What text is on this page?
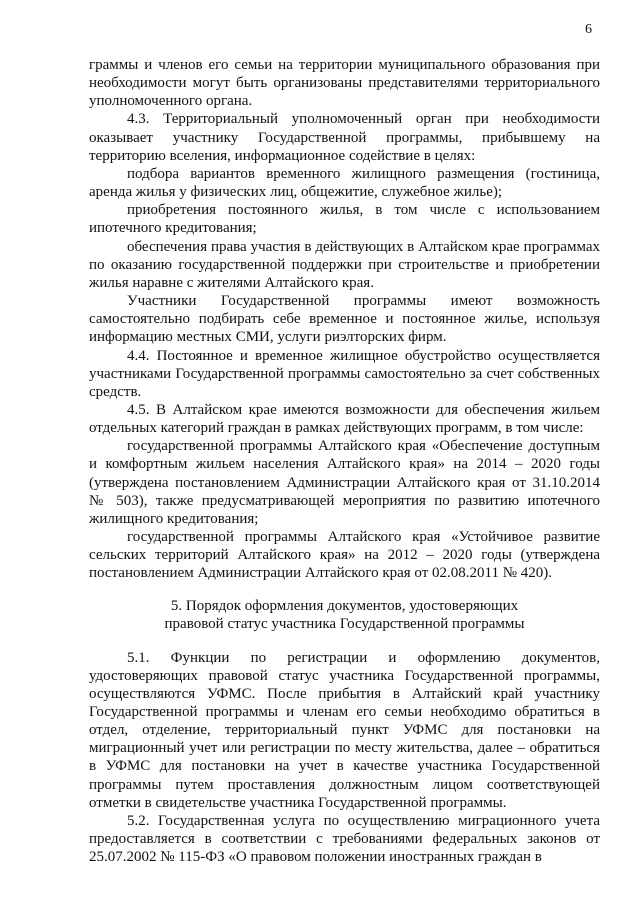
6

граммы и членов его семьи на территории муниципального образования при необходимости могут быть организованы представителями территориального уполномоченного органа.

4.3. Территориальный уполномоченный орган при необходимости оказывает участнику Государственной программы, прибывшему на территорию вселения, информационное содействие в целях:

подбора вариантов временного жилищного размещения (гостиница, аренда жилья у физических лиц, общежитие, служебное жилье);

приобретения постоянного жилья, в том числе с использованием ипотечного кредитования;

обеспечения права участия в действующих в Алтайском крае программах по оказанию государственной поддержки при строительстве и приобретении жилья наравне с жителями Алтайского края.

Участники Государственной программы имеют возможность самостоятельно подбирать себе временное и постоянное жилье, используя информацию местных СМИ, услуги риэлторских фирм.

4.4. Постоянное и временное жилищное обустройство осуществляется участниками Государственной программы самостоятельно за счет собственных средств.

4.5. В Алтайском крае имеются возможности для обеспечения жильем отдельных категорий граждан в рамках действующих программ, в том числе:

государственной программы Алтайского края «Обеспечение доступным и комфортным жильем населения Алтайского края» на 2014 – 2020 годы (утверждена постановлением Администрации Алтайского края от 31.10.2014 № 503), также предусматривающей мероприятия по развитию ипотечного жилищного кредитования;

государственной программы Алтайского края «Устойчивое развитие сельских территорий Алтайского края» на 2012 – 2020 годы (утверждена постановлением Администрации Алтайского края от 02.08.2011 № 420).

5. Порядок оформления документов, удостоверяющих
правовой статус участника Государственной программы

5.1. Функции по регистрации и оформлению документов, удостоверяющих правовой статус участника Государственной программы, осуществляются УФМС. После прибытия в Алтайский край участнику Государственной программы и членам его семьи необходимо обратиться в отдел, отделение, территориальный пункт УФМС для постановки на миграционный учет или регистрации по месту жительства, далее – обратиться в УФМС для постановки на учет в качестве участника Государственной программы путем проставления должностным лицом соответствующей отметки в свидетельстве участника Государственной программы.

5.2. Государственная услуга по осуществлению миграционного учета предоставляется в соответствии с требованиями федеральных законов от 25.07.2002 № 115-ФЗ «О правовом положении иностранных граждан в
